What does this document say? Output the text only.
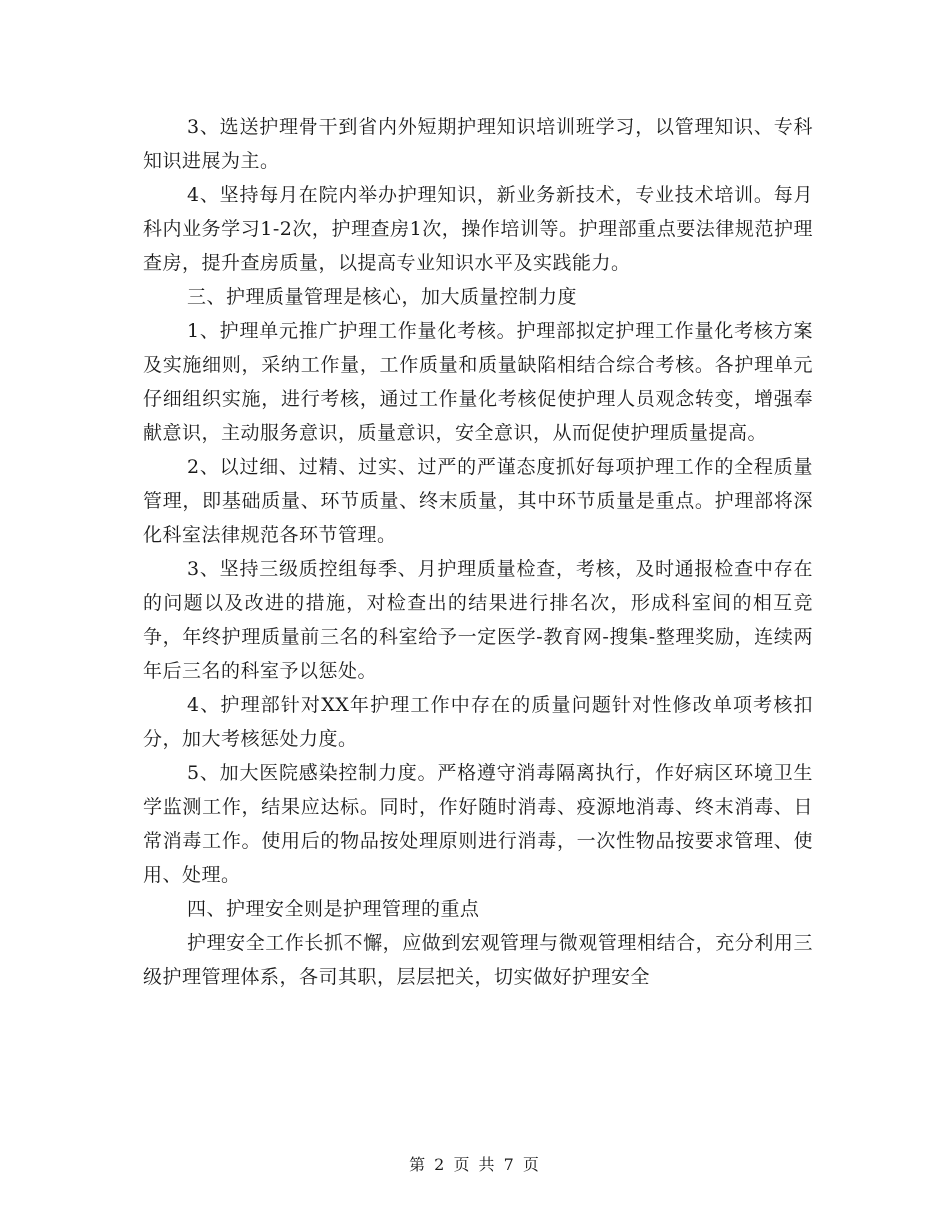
3、选送护理骨干到省内外短期护理知识培训班学习，以管理知识、专科知识进展为主。

4、坚持每月在院内举办护理知识，新业务新技术，专业技术培训。每月科内业务学习1-2次，护理查房1次，操作培训等。护理部重点要法律规范护理查房，提升查房质量，以提高专业知识水平及实践能力。

三、护理质量管理是核心，加大质量控制力度

1、护理单元推广护理工作量化考核。护理部拟定护理工作量化考核方案及实施细则，采纳工作量，工作质量和质量缺陷相结合综合考核。各护理单元仔细组织实施，进行考核，通过工作量化考核促使护理人员观念转变，增强奉献意识，主动服务意识，质量意识，安全意识，从而促使护理质量提高。

2、以过细、过精、过实、过严的严谨态度抓好每项护理工作的全程质量管理，即基础质量、环节质量、终末质量，其中环节质量是重点。护理部将深化科室法律规范各环节管理。

3、坚持三级质控组每季、月护理质量检查，考核，及时通报检查中存在的问题以及改进的措施，对检查出的结果进行排名次，形成科室间的相互竞争，年终护理质量前三名的科室给予一定医学-教育网-搜集-整理奖励，连续两年后三名的科室予以惩处。

4、护理部针对XX年护理工作中存在的质量问题针对性修改单项考核扣分，加大考核惩处力度。

5、加大医院感染控制力度。严格遵守消毒隔离执行，作好病区环境卫生学监测工作，结果应达标。同时，作好随时消毒、疫源地消毒、终末消毒、日常消毒工作。使用后的物品按处理原则进行消毒，一次性物品按要求管理、使用、处理。

四、护理安全则是护理管理的重点

护理安全工作长抓不懈，应做到宏观管理与微观管理相结合，充分利用三级护理管理体系，各司其职，层层把关，切实做好护理安全

第 2 页 共 7 页
